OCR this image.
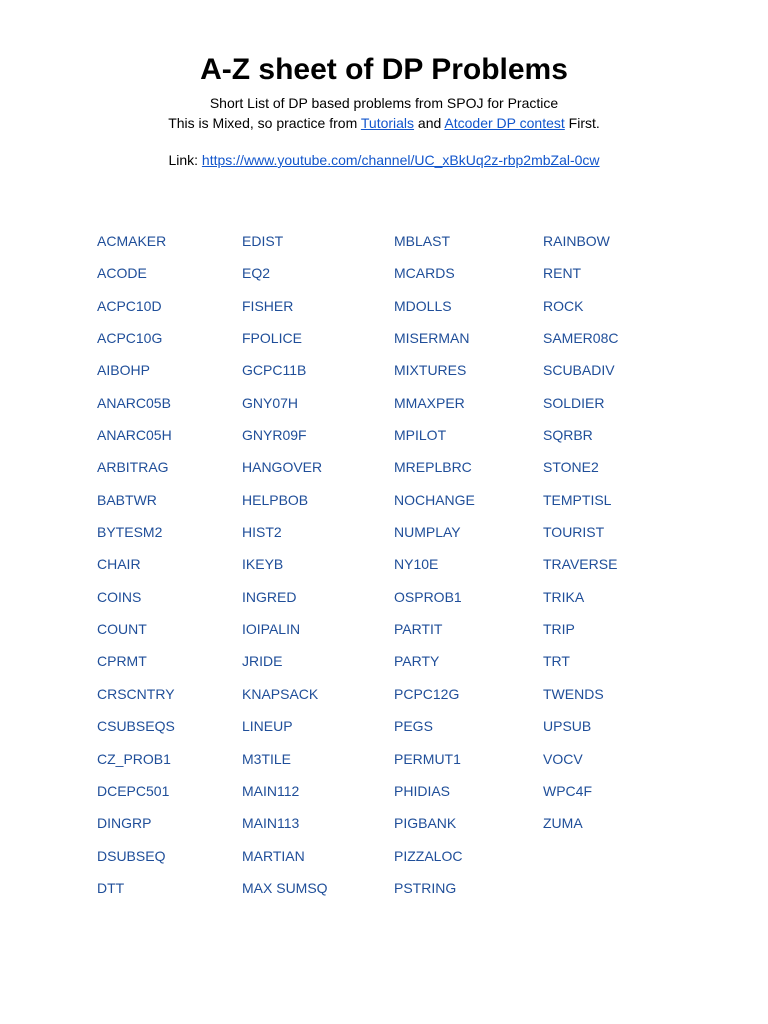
A-Z sheet of DP Problems

Short List of DP based problems from SPOJ for Practice

This is Mixed, so practice from Tutorials and Atcoder DP contest First.

Link: https://www.youtube.com/channel/UC_xBkUq2z-rbp2mbZal-0cw

ACMAKER
ACODE
ACPC10D
ACPC10G
AIBOHP
ANARC05B
ANARC05H
ARBITRAG
BABTWR
BYTESM2
CHAIR
COINS
COUNT
CPRMT
CRSCNTRY
CSUBSEQS
CZ_PROB1
DCEPC501
DINGRP
DSUBSEQ
DTT
EDIST
EQ2
FISHER
FPOLICE
GCPC11B
GNY07H
GNYR09F
HANGOVER
HELPBOB
HIST2
IKEYB
INGRED
IOIPALIN
JRIDE
KNAPSACK
LINEUP
M3TILE
MAIN112
MAIN113
MARTIAN
MAX SUMSQ
MBLAST
MCARDS
MDOLLS
MISERMAN
MIXTURES
MMAXPER
MPILOT
MREPLBRC
NOCHANGE
NUMPLAY
NY10E
OSPROB1
PARTIT
PARTY
PCPC12G
PEGS
PERMUT1
PHIDIAS
PIGBANK
PIZZALOC
PSTRING
RAINBOW
RENT
ROCK
SAMER08C
SCUBADIV
SOLDIER
SQRBR
STONE2
TEMPTISL
TOURIST
TRAVERSE
TRIKA
TRIP
TRT
TWENDS
UPSUB
VOCV
WPC4F
ZUMA
